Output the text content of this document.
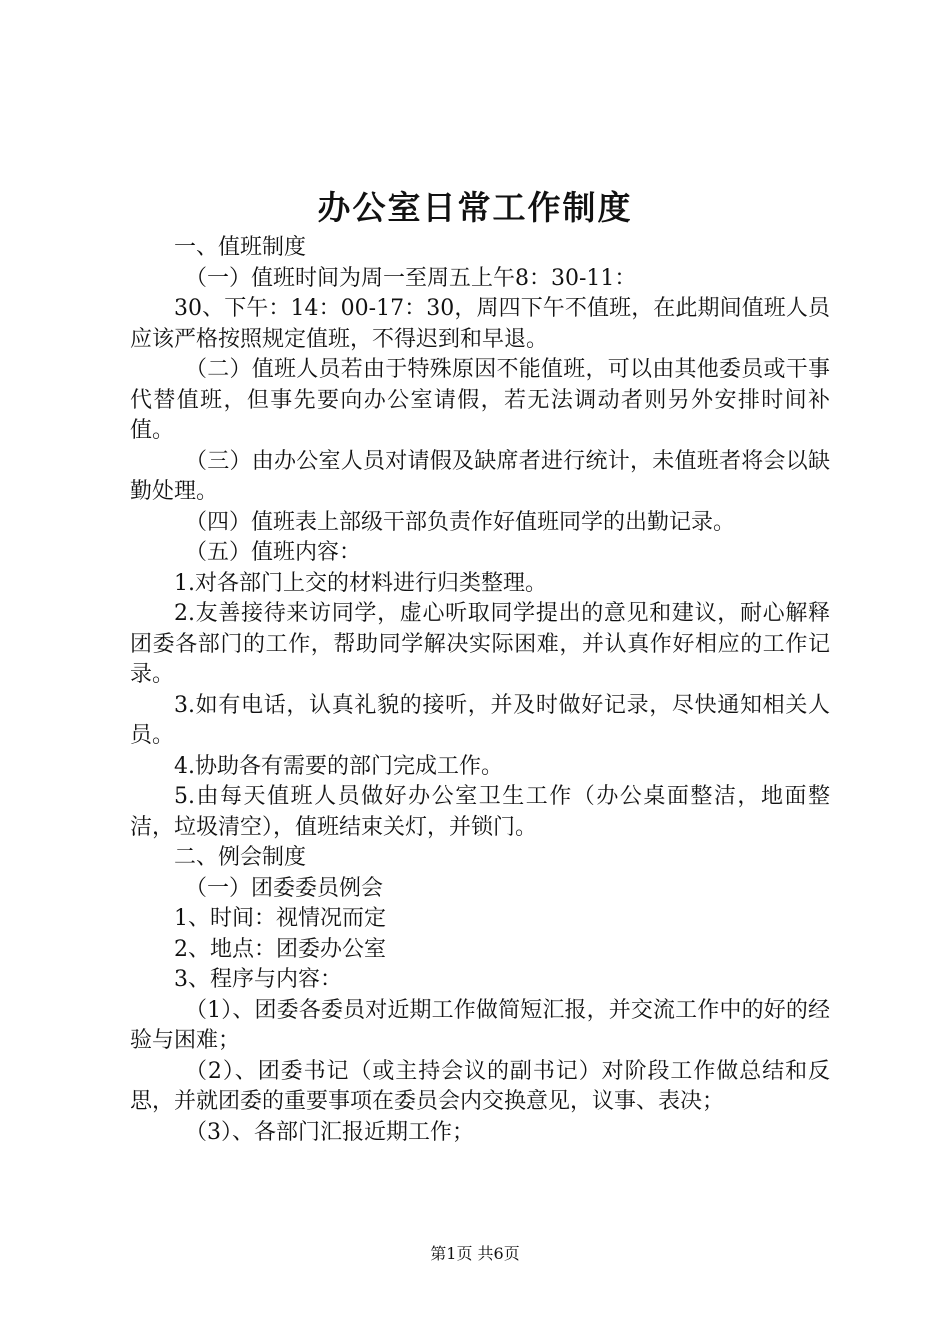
办公室日常工作制度

一、值班制度

（一）值班时间为周一至周五上午8：30-11：

30、下午：14：00-17：30，周四下午不值班，在此期间值班人员应该严格按照规定值班，不得迟到和早退。

（二）值班人员若由于特殊原因不能值班，可以由其他委员或干事代替值班，但事先要向办公室请假，若无法调动者则另外安排时间补值。

（三）由办公室人员对请假及缺席者进行统计，未值班者将会以缺勤处理。

（四）值班表上部级干部负责作好值班同学的出勤记录。

（五）值班内容：

1.对各部门上交的材料进行归类整理。

2.友善接待来访同学，虚心听取同学提出的意见和建议，耐心解释团委各部门的工作，帮助同学解决实际困难，并认真作好相应的工作记录。

3.如有电话，认真礼貌的接听，并及时做好记录，尽快通知相关人员。

4.协助各有需要的部门完成工作。

5.由每天值班人员做好办公室卫生工作（办公桌面整洁，地面整洁，垃圾清空），值班结束关灯，并锁门。

二、例会制度

（一）团委委员例会

1、时间：视情况而定

2、地点：团委办公室

3、程序与内容：

（1）、团委各委员对近期工作做简短汇报，并交流工作中的好的经验与困难；

（2）、团委书记（或主持会议的副书记）对阶段工作做总结和反思，并就团委的重要事项在委员会内交换意见，议事、表决；

（3）、各部门汇报近期工作；

第1页 共6页
